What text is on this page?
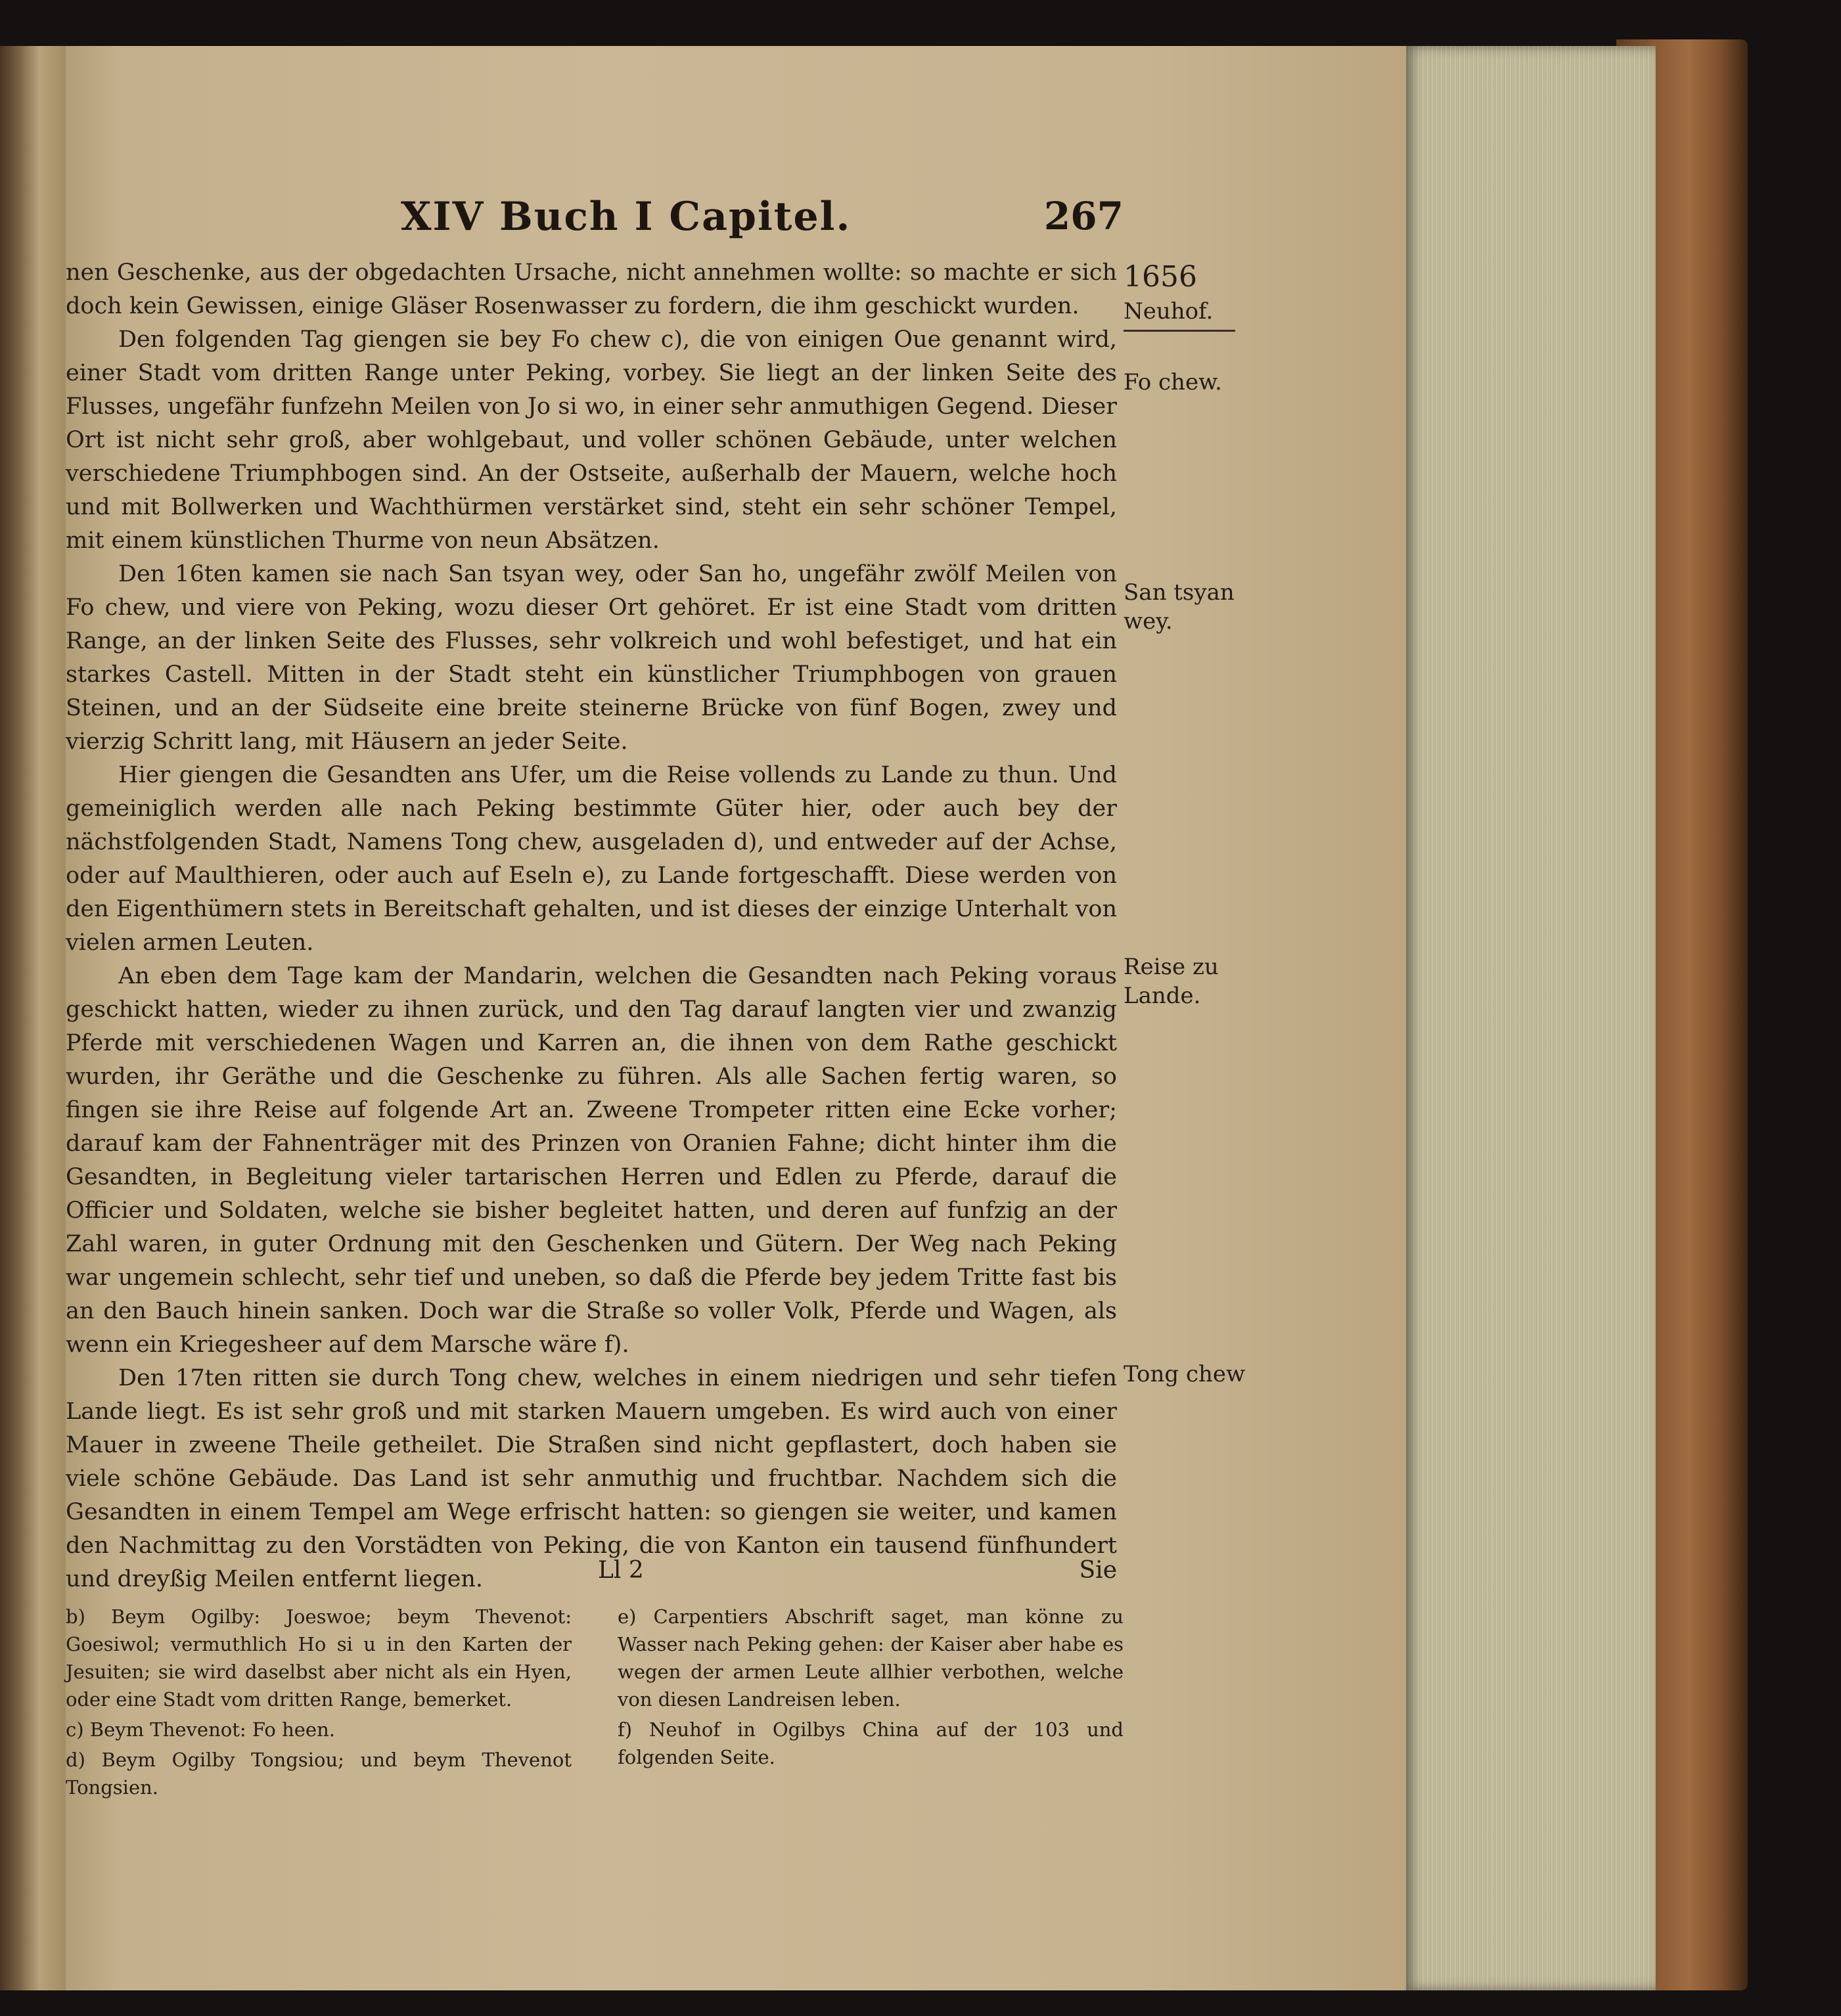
XIV Buch I Capitel.	267

nen Geschenke, aus der obgedachten Ursache, nicht annehmen wollte: so machte er sich doch kein Gewissen, einige Gläser Rosenwasser zu fordern, die ihm geschickt wurden.

Den folgenden Tag giengen sie bey Fo chew c), die von einigen Oue genannt wird, einer Stadt vom dritten Range unter Peking, vorbey. Sie liegt an der linken Seite des Flusses, ungefähr funfzehn Meilen von Jo si wo, in einer sehr anmuthigen Gegend. Dieser Ort ist nicht sehr groß, aber wohlgebaut, und voller schönen Gebäude, unter welchen verschiedene Triumphbogen sind. An der Ostseite, außerhalb der Mauern, welche hoch und mit Bollwerken und Wachthürmen verstärket sind, steht ein sehr schöner Tempel, mit einem künstlichen Thurme von neun Absätzen.

Den 16ten kamen sie nach San tsyan wey, oder San ho, ungefähr zwölf Meilen von Fo chew, und viere von Peking, wozu dieser Ort gehöret. Er ist eine Stadt vom dritten Range, an der linken Seite des Flusses, sehr volkreich und wohl befestiget, und hat ein starkes Castell. Mitten in der Stadt steht ein künstlicher Triumphbogen von grauen Steinen, und an der Südseite eine breite steinerne Brücke von fünf Bogen, zwey und vierzig Schritt lang, mit Häusern an jeder Seite.

Hier giengen die Gesandten ans Ufer, um die Reise vollends zu Lande zu thun. Und gemeiniglich werden alle nach Peking bestimmte Güter hier, oder auch bey der nächstfolgenden Stadt, Namens Tong chew, ausgeladen d), und entweder auf der Achse, oder auf Maulthieren, oder auch auf Eseln e), zu Lande fortgeschafft. Diese werden von den Eigenthümern stets in Bereitschaft gehalten, und ist dieses der einzige Unterhalt von vielen armen Leuten.

An eben dem Tage kam der Mandarin, welchen die Gesandten nach Peking voraus geschickt hatten, wieder zu ihnen zurück, und den Tag darauf langten vier und zwanzig Pferde mit verschiedenen Wagen und Karren an, die ihnen von dem Rathe geschickt wurden, ihr Geräthe und die Geschenke zu führen. Als alle Sachen fertig waren, so fingen sie ihre Reise auf folgende Art an. Zweene Trompeter ritten eine Ecke vorher; darauf kam der Fahnenträger mit des Prinzen von Oranien Fahne; dicht hinter ihm die Gesandten, in Begleitung vieler tartarischen Herren und Edlen zu Pferde, darauf die Officier und Soldaten, welche sie bisher begleitet hatten, und deren auf funfzig an der Zahl waren, in guter Ordnung mit den Geschenken und Gütern. Der Weg nach Peking war ungemein schlecht, sehr tief und uneben, so daß die Pferde bey jedem Tritte fast bis an den Bauch hinein sanken. Doch war die Straße so voller Volk, Pferde und Wagen, als wenn ein Kriegesheer auf dem Marsche wäre f).

Den 17ten ritten sie durch Tong chew, welches in einem niedrigen und sehr tiefen Lande liegt. Es ist sehr groß und mit starken Mauern umgeben. Es wird auch von einer Mauer in zweene Theile getheilet. Die Straßen sind nicht gepflastert, doch haben sie viele schöne Gebäude. Das Land ist sehr anmuthig und fruchtbar. Nachdem sich die Gesandten in einem Tempel am Wege erfrischt hatten: so giengen sie weiter, und kamen den Nachmittag zu den Vorstädten von Peking, die von Kanton ein tausend fünfhundert und dreyßig Meilen entfernt liegen.	Ll 2	Sie
1656
Neuhof.
Fo chew.
San tsyan wey.
Reise zu Lande.
Tong chew

b) Beym Ogilby: Joeswoe; beym Thevenot: Goesiwol; vermuthlich Ho si u in den Karten der Jesuiten; sie wird daselbst aber nicht als ein Hyen, oder eine Stadt vom dritten Range, bemerket.

c) Beym Thevenot: Fo heen.

d) Beym Ogilby Tongsiou; und beym Thevenot Tongsien.

e) Carpentiers Abschrift saget, man könne zu Wasser nach Peking gehen: der Kaiser aber habe es wegen der armen Leute allhier verbothen, welche von diesen Landreisen leben.

f) Neuhof in Ogilbys China auf der 103 und folgenden Seite.
